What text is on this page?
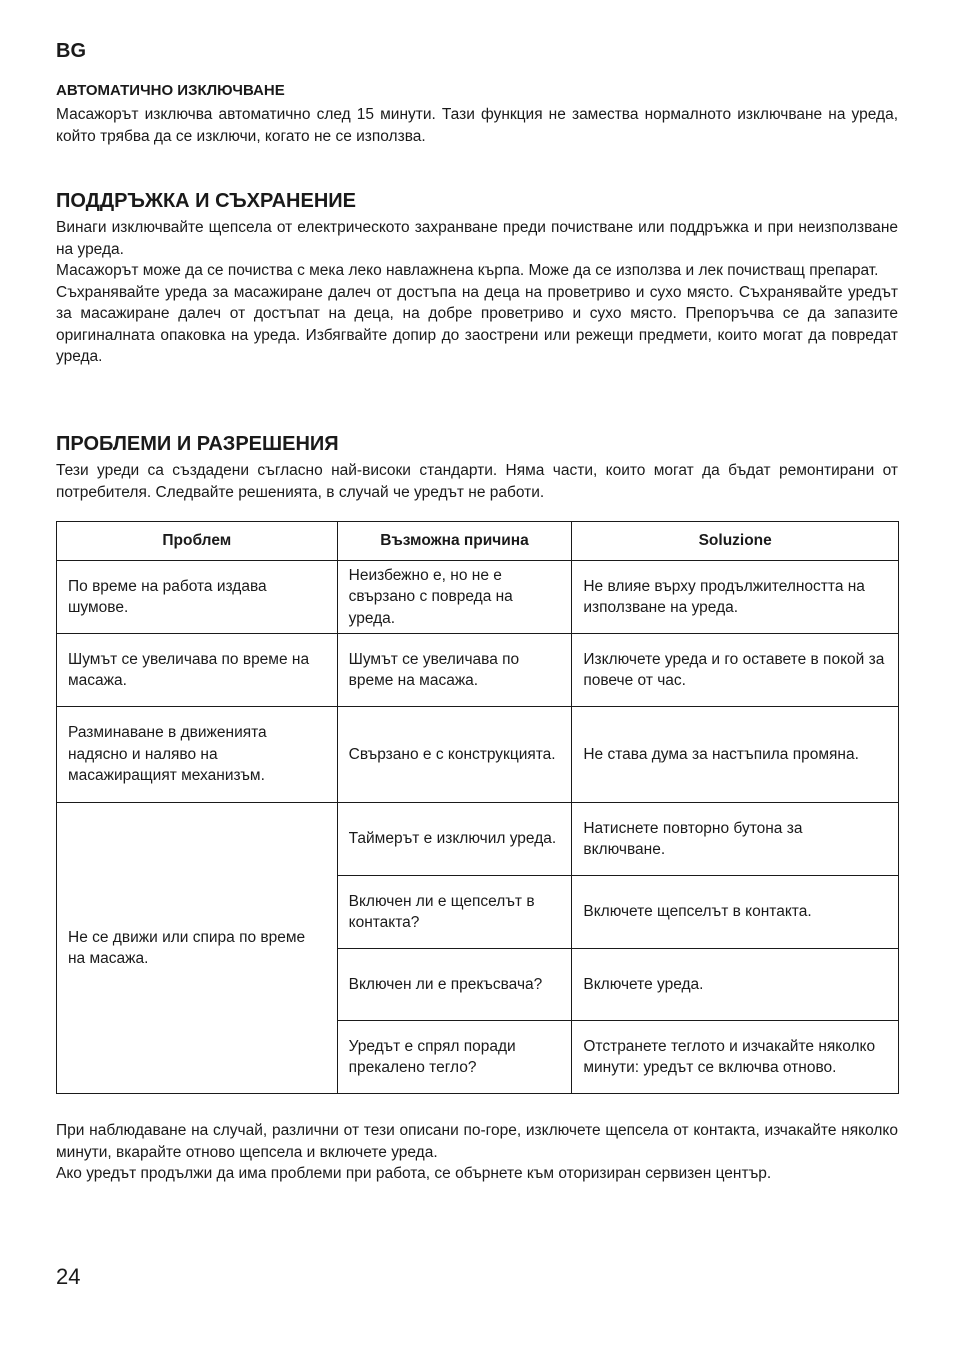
BG
АВТОМАТИЧНО ИЗКЛЮЧВАНЕ

Масажорът изключва автоматично след 15 минути. Тази функция не замества нормалното изключване на уреда, който трябва да се изключи, когато не се използва.

ПОДДРЪЖКА И СЪХРАНЕНИЕ

Винаги изключвайте щепсела от електрическото захранване преди почистване или поддръжка и при неизползване на уреда.

Масажорът може да се почиства с мека леко навлажнена кърпа. Може да се използва и лек почистващ препарат.

Съхранявайте уреда за масажиране далеч от достъпа на деца на проветриво и сухо място. Съхранявайте уредът за масажиране далеч от достъпат на деца, на добре проветриво и сухо място. Препоръчва се да запазите оригиналната опаковка на уреда. Избягвайте допир до заострени или режещи предмети, които могат да повредат уреда.

ПРОБЛЕМИ И РАЗРЕШЕНИЯ

Тези уреди са създадени съгласно най-високи стандарти. Няма части, които могат да бъдат ремонтирани от потребителя. Следвайте решенията, в случай че уредът не работи.

Проблем	Възможна причина	Soluzione
По време на работа издава шумове.	Неизбежно е, но не е свързано с повреда на уреда.	Не влияе върху продължителността на използване на уреда.
Шумът се увеличава по време на масажа.	Шумът се увеличава по време на масажа.	Изключете уреда и го оставете в покой за повече от час.
Разминаване в движенията надясно и наляво на масажиращият механизъм.	Свързано е с конструкцията.	Не става дума за настъпила промяна.
Не се движи или спира по време на масажа.	Таймерът е изключил уреда.	Натиснете повторно бутона за включване.
	Включен ли е щепселът в контакта?	Включете щепселът в контакта.
	Включен ли е прекъсвача?	Включете уреда.
	Уредът е спрял поради прекалено тегло?	Отстранете теглото и изчакайте няколко минути: уредът се включва отново.

При наблюдаване на случай, различни от тези описани по-горе, изключете щепсела от контакта, изчакайте няколко минути, вкарайте отново щепсела и включете уреда.

Ако уредът продължи да има проблеми при работа, се обърнете към оторизиран сервизен център.

24
